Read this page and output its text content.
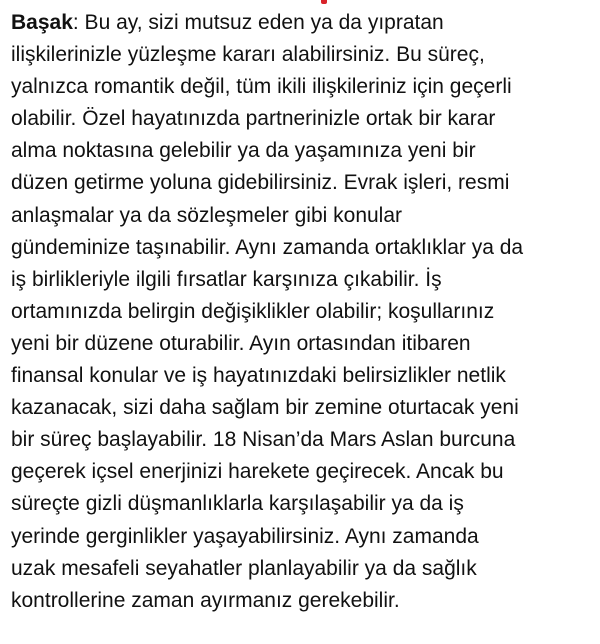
Başak: Bu ay, sizi mutsuz eden ya da yıpratan
ilişkilerinizle yüzleşme kararı alabilirsiniz. Bu süreç,
yalnızca romantik değil, tüm ikili ilişkileriniz için geçerli
olabilir. Özel hayatınızda partnerinizle ortak bir karar
alma noktasına gelebilir ya da yaşamınıza yeni bir
düzen getirme yoluna gidebilirsiniz. Evrak işleri, resmi
anlaşmalar ya da sözleşmeler gibi konular
gündeminize taşınabilir. Aynı zamanda ortaklıklar ya da
iş birlikleriyle ilgili fırsatlar karşınıza çıkabilir. İş
ortamınızda belirgin değişiklikler olabilir; koşullarınız
yeni bir düzene oturabilir. Ayın ortasından itibaren
finansal konular ve iş hayatınızdaki belirsizlikler netlik
kazanacak, sizi daha sağlam bir zemine oturtacak yeni
bir süreç başlayabilir. 18 Nisan’da Mars Aslan burcuna
geçerek içsel enerjinizi harekete geçirecek. Ancak bu
süreçte gizli düşmanlıklarla karşılaşabilir ya da iş
yerinde gerginlikler yaşayabilirsiniz. Aynı zamanda
uzak mesafeli seyahatler planlayabilir ya da sağlık
kontrollerine zaman ayırmanız gerekebilir.
